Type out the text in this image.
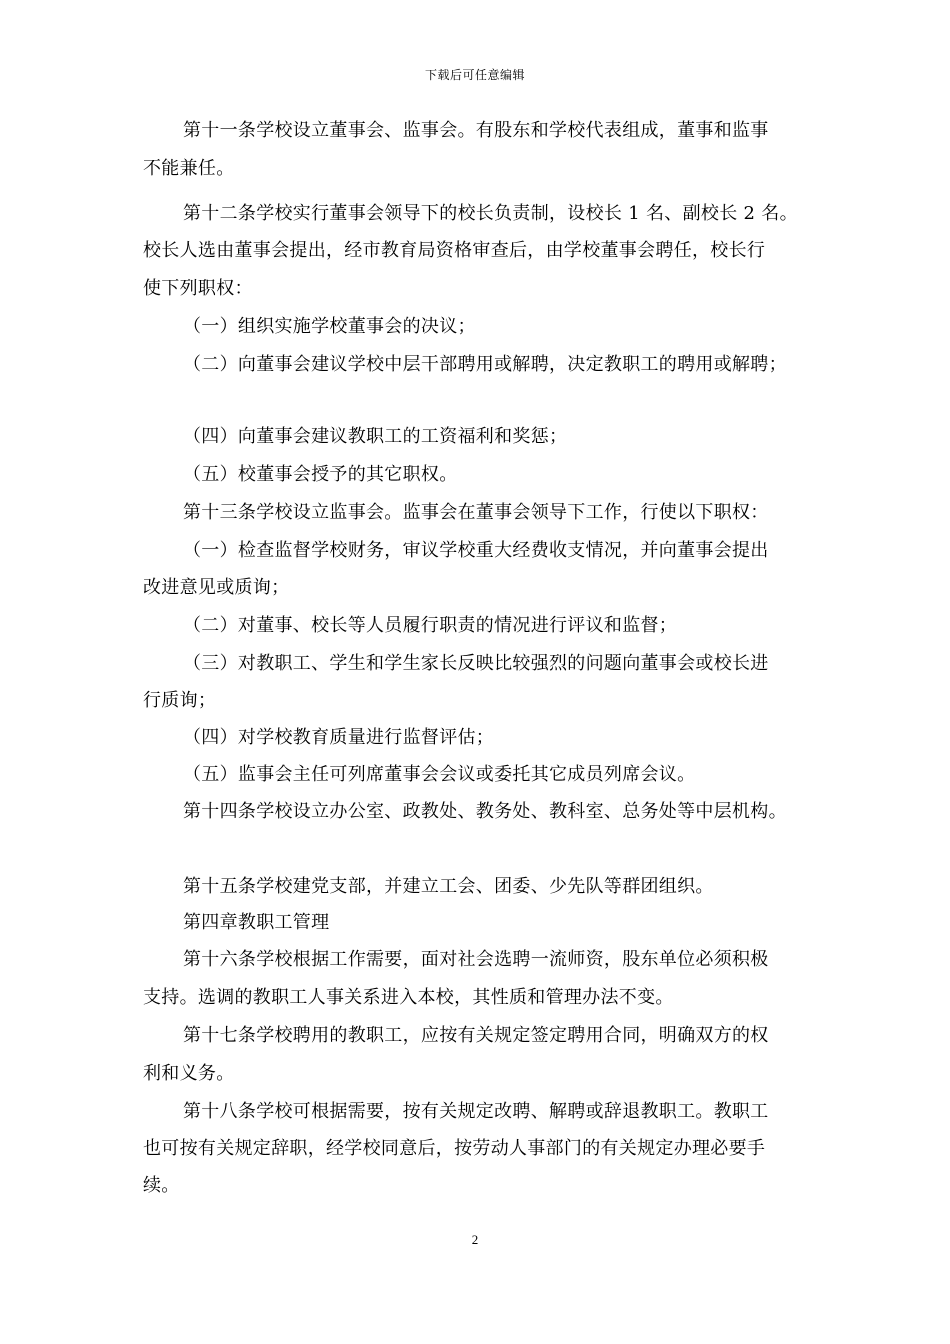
下载后可任意编辑
第十一条学校设立董事会、监事会。有股东和学校代表组成，董事和监事
不能兼任。
第十二条学校实行董事会领导下的校长负责制，设校长 1 名、副校长 2 名。
校长人选由董事会提出，经市教育局资格审查后，由学校董事会聘任，校长行
使下列职权：
（一）组织实施学校董事会的决议；
（二）向董事会建议学校中层干部聘用或解聘，决定教职工的聘用或解聘；
（四）向董事会建议教职工的工资福利和奖惩；
（五）校董事会授予的其它职权。
第十三条学校设立监事会。监事会在董事会领导下工作，行使以下职权：
（一）检查监督学校财务，审议学校重大经费收支情况，并向董事会提出
改进意见或质询；
（二）对董事、校长等人员履行职责的情况进行评议和监督；
（三）对教职工、学生和学生家长反映比较强烈的问题向董事会或校长进
行质询；
（四）对学校教育质量进行监督评估；
（五）监事会主任可列席董事会会议或委托其它成员列席会议。
第十四条学校设立办公室、政教处、教务处、教科室、总务处等中层机构。
第十五条学校建党支部，并建立工会、团委、少先队等群团组织。
第四章教职工管理
第十六条学校根据工作需要，面对社会选聘一流师资，股东单位必须积极
支持。选调的教职工人事关系进入本校，其性质和管理办法不变。
第十七条学校聘用的教职工，应按有关规定签定聘用合同，明确双方的权
利和义务。
第十八条学校可根据需要，按有关规定改聘、解聘或辞退教职工。教职工
也可按有关规定辞职，经学校同意后，按劳动人事部门的有关规定办理必要手
续。
2
